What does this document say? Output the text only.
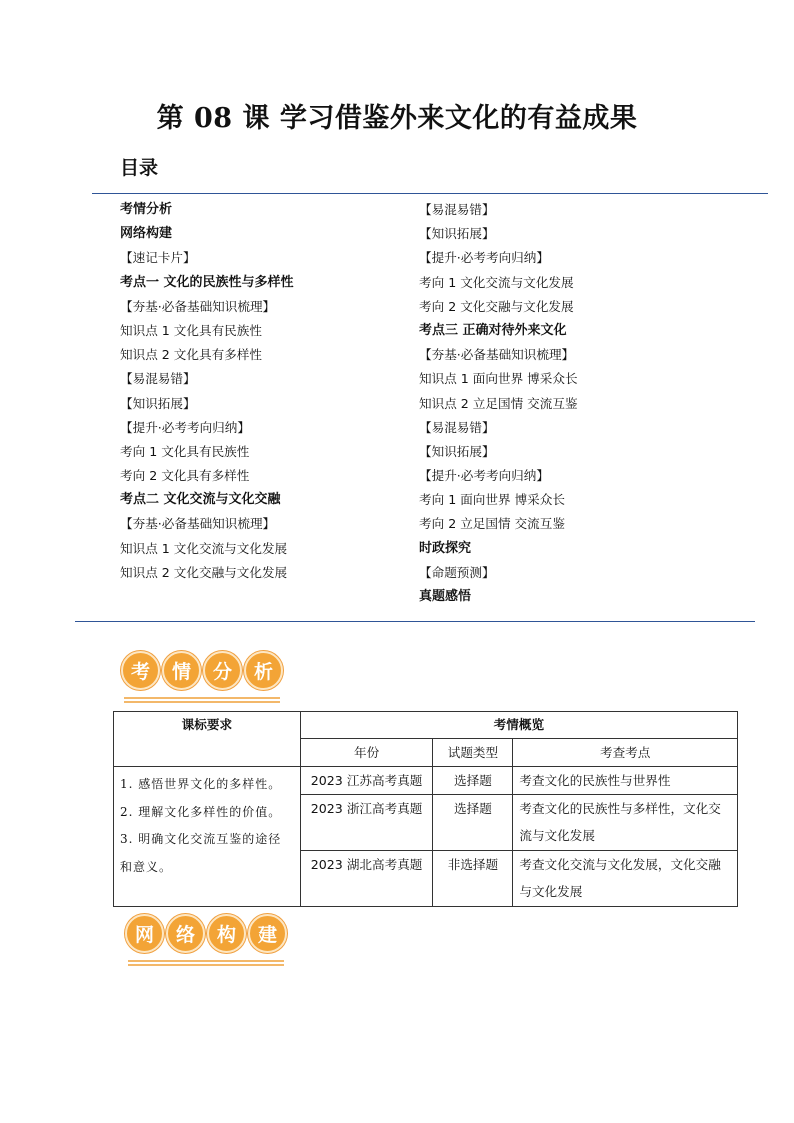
第 08 课 学习借鉴外来文化的有益成果
目录
考情分析
网络构建
【速记卡片】
考点一 文化的民族性与多样性
【夯基·必备基础知识梳理】
知识点 1 文化具有民族性
知识点 2 文化具有多样性
【易混易错】
【知识拓展】
【提升·必考考向归纳】
考向 1 文化具有民族性
考向 2 文化具有多样性
考点二 文化交流与文化交融
【夯基·必备基础知识梳理】
知识点 1 文化交流与文化发展
知识点 2 文化交融与文化发展
【易混易错】
【知识拓展】
【提升·必考考向归纳】
考向 1 文化交流与文化发展
考向 2 文化交融与文化发展
考点三 正确对待外来文化
【夯基·必备基础知识梳理】
知识点 1 面向世界 博采众长
知识点 2 立足国情 交流互鉴
【易混易错】
【知识拓展】
【提升·必考考向归纳】
考向 1 面向世界 博采众长
考向 2 立足国情 交流互鉴
时政探究
【命题预测】
真题感悟
考	情	分	析
课标要求	考情概览		
	年份	试题类型	考查考点

1. 感悟世界文化的多样性。
2. 理解文化多样性的价值。
3. 明确文化交流互鉴的途径
和意义。	2023 江苏高考真题	选择题	考查文化的民族性与世界性
	2023 浙江高考真题	选择题	考查文化的民族性与多样性，文化交流与文化发展
	2023 湖北高考真题	非选择题	考查文化交流与文化发展，文化交融与文化发展
网	络	构	建
